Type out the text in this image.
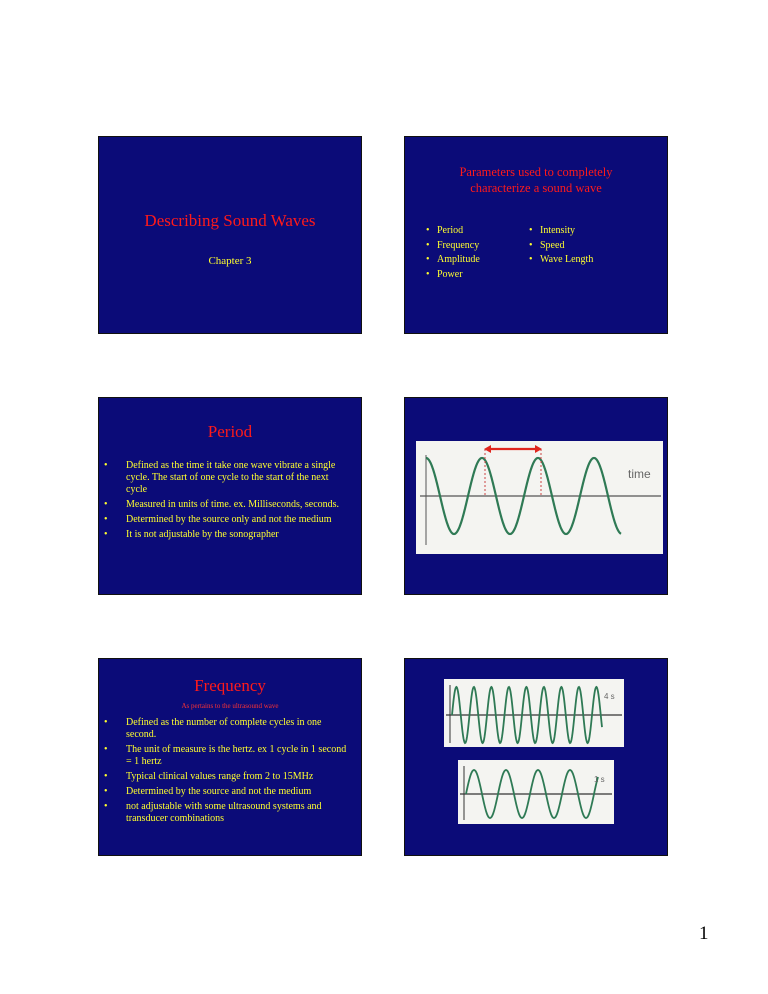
Describing Sound Waves
Chapter 3
Parameters used to completely
characterize a sound wave
• Period
• Frequency
• Amplitude
• Power
• Intensity
• Speed
• Wave Length
Period
• Defined as the time it take one wave vibrate a single cycle. The start of one cycle to the start of the next cycle
• Measured in units of time. ex. Milliseconds, seconds.
• Determined by the source only and not the medium
• It is not adjustable by the sonographer
time
Frequency
As pertains to the ultrasound wave
• Defined as the number of complete cycles in one second.
• The unit of measure is the hertz. ex 1 cycle in 1 second = 1 hertz
• Typical clinical values range from 2 to 15MHz
• Determined by the source and not the medium
• not adjustable with some ultrasound systems and transducer combinations
4 s
1 s
1
